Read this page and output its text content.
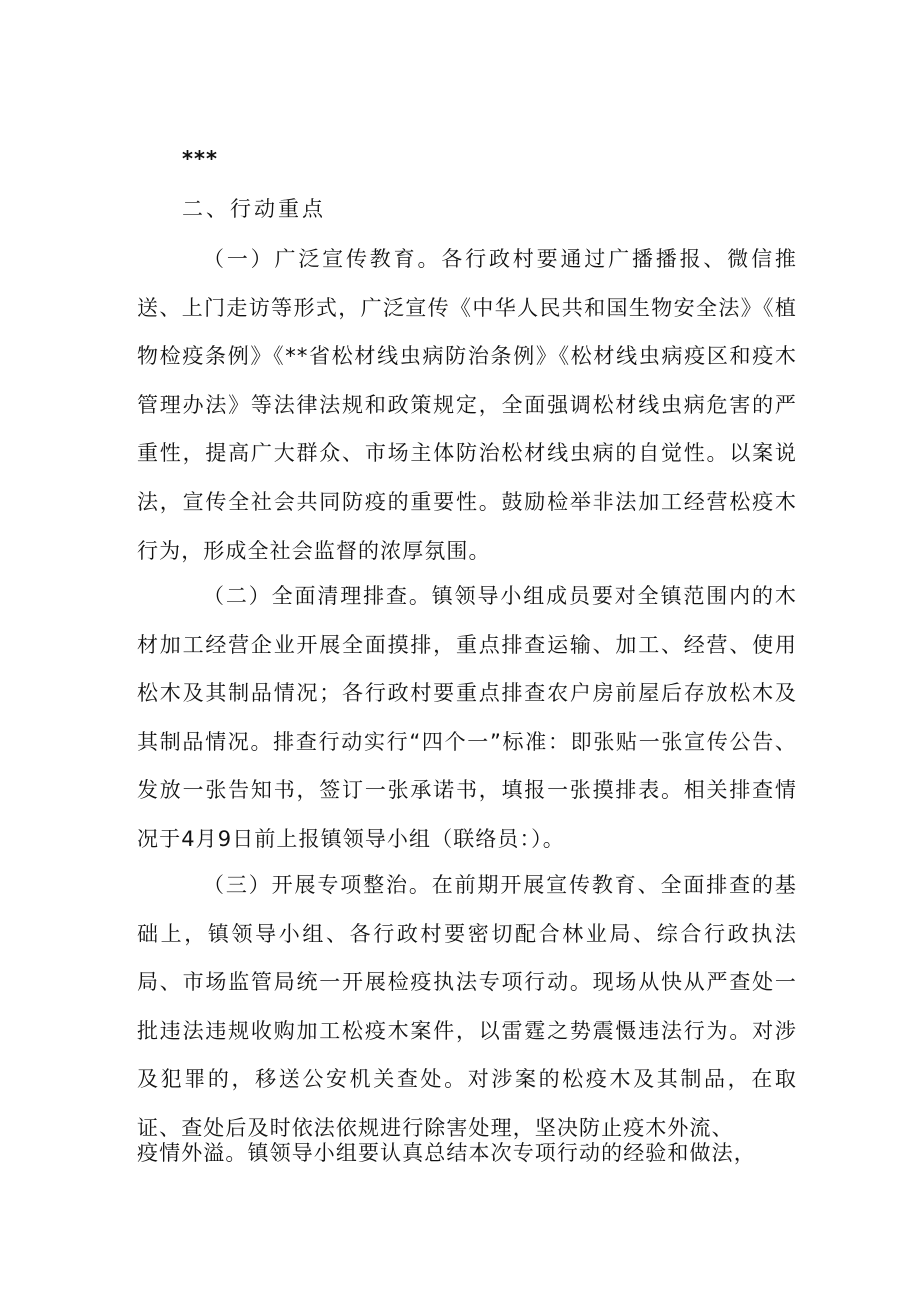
***
二、行动重点

（一）广泛宣传教育。各行政村要通过广播播报、微信推送、上门走访等形式，广泛宣传《中华人民共和国生物安全法》《植物检疫条例》《**省松材线虫病防治条例》《松材线虫病疫区和疫木管理办法》等法律法规和政策规定，全面强调松材线虫病危害的严重性，提高广大群众、市场主体防治松材线虫病的自觉性。以案说法，宣传全社会共同防疫的重要性。鼓励检举非法加工经营松疫木行为，形成全社会监督的浓厚氛围。

（二）全面清理排查。镇领导小组成员要对全镇范围内的木材加工经营企业开展全面摸排，重点排查运输、加工、经营、使用松木及其制品情况；各行政村要重点排查农户房前屋后存放松木及其制品情况。排查行动实行“四个一”标准：即张贴一张宣传公告、发放一张告知书，签订一张承诺书，填报一张摸排表。相关排查情况于4月9日前上报镇领导小组（联络员：）。

（三）开展专项整治。在前期开展宣传教育、全面排查的基础上，镇领导小组、各行政村要密切配合林业局、综合行政执法局、市场监管局统一开展检疫执法专项行动。现场从快从严查处一批违法违规收购加工松疫木案件，以雷霆之势震慑违法行为。对涉及犯罪的，移送公安机关查处。对涉案的松疫木及其制品，在取证、查处后及时依法依规进行除害处理，坚决防止疫木外流、

疫情外溢。镇领导小组要认真总结本次专项行动的经验和做法，
